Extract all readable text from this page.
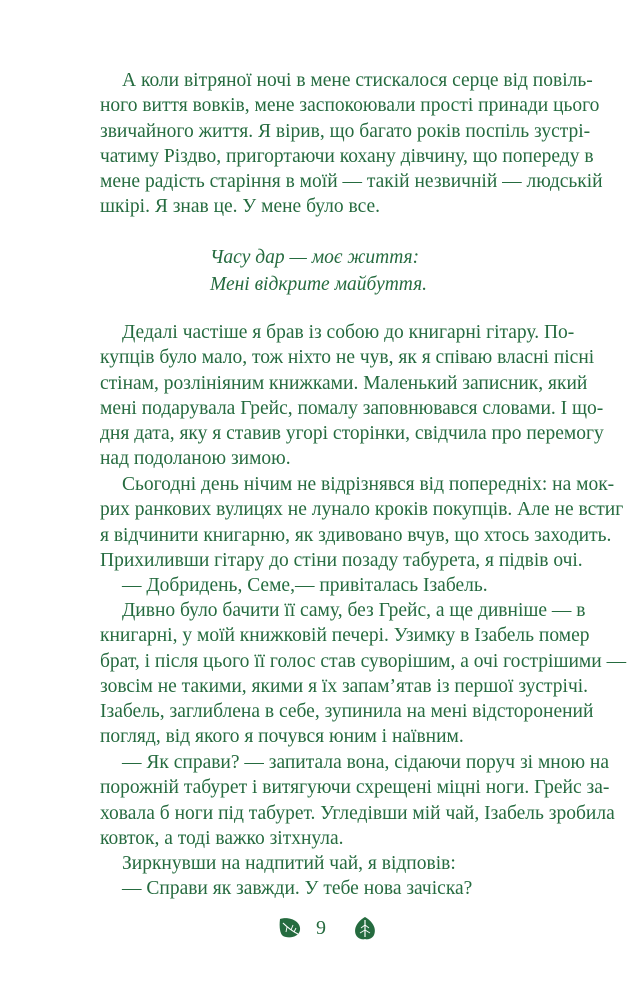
А коли вітряної ночі в мене стискалося серце від повіль-
ного виття вовків, мене заспокоювали прості принади цього
звичайного життя. Я вірив, що багато років поспіль зустрі-
чатиму Різдво, пригортаючи кохану дівчину, що попереду в
мене радість старіння в моїй — такій незвичній — людській
шкірі. Я знав це. У мене було все.
Часу дар — моє життя:
Мені відкрите майбуття.
Дедалі частіше я брав із собою до книгарні гітару. По-
купців було мало, тож ніхто не чув, як я співаю власні пісні
стінам, розлініяним книжками. Маленький записник, який
мені подарувала Грейс, помалу заповнювався словами. І що-
дня дата, яку я ставив угорі сторінки, свідчила про перемогу
над подоланою зимою.
Сьогодні день нічим не відрізнявся від попередніх: на мок-
рих ранкових вулицях не лунало кроків покупців. Але не встиг
я відчинити книгарню, як здивовано вчув, що хтось заходить.
Прихиливши гітару до стіни позаду табурета, я підвів очі.
— Добридень, Семе,— привіталась Ізабель.
Дивно було бачити її саму, без Грейс, а ще дивніше — в
книгарні, у моїй книжковій печері. Узимку в Ізабель помер
брат, і після цього її голос став суворішим, а очі гострішими —
зовсім не такими, якими я їх запам’ятав із першої зустрічі.
Ізабель, заглиблена в себе, зупинила на мені відсторонений
погляд, від якого я почувся юним і наївним.
— Як справи? — запитала вона, сідаючи поруч зі мною на
порожній табурет і витягуючи схрещені міцні ноги. Грейс за-
ховала б ноги під табурет. Угледівши мій чай, Ізабель зробила
ковток, а тоді важко зітхнула.
Зиркнувши на надпитий чай, я відповів:
— Справи як завжди. У тебе нова зачіска?
9
